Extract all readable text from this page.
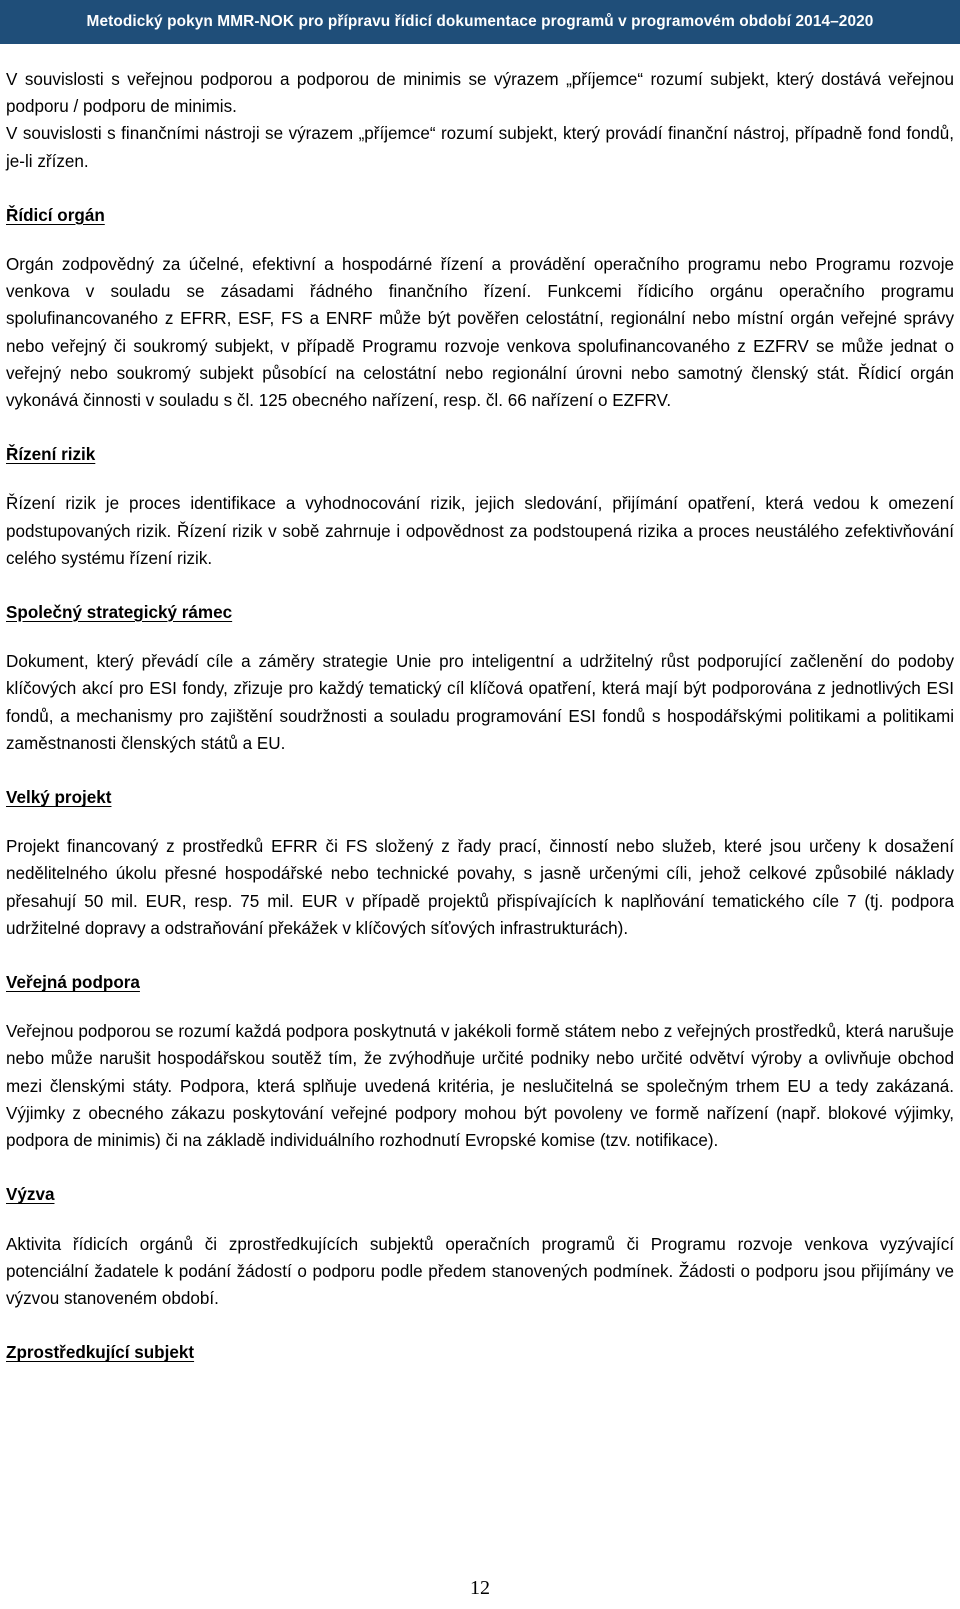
Metodický pokyn MMR-NOK pro přípravu řídicí dokumentace programů v programovém období 2014–2020

V souvislosti s veřejnou podporou a podporou de minimis se výrazem „příjemce“ rozumí subjekt, který dostává veřejnou podporu / podporu de minimis.

V souvislosti s finančními nástroji se výrazem „příjemce“ rozumí subjekt, který provádí finanční nástroj, případně fond fondů, je-li zřízen.

Řídicí orgán

Orgán zodpovědný za účelné, efektivní a hospodárné řízení a provádění operačního programu nebo Programu rozvoje venkova v souladu se zásadami řádného finančního řízení. Funkcemi řídicího orgánu operačního programu spolufinancovaného z EFRR, ESF, FS a ENRF může být pověřen celostátní, regionální nebo místní orgán veřejné správy nebo veřejný či soukromý subjekt, v případě Programu rozvoje venkova spolufinancovaného z EZFRV se může jednat o veřejný nebo soukromý subjekt působící na celostátní nebo regionální úrovni nebo samotný členský stát. Řídicí orgán vykonává činnosti v souladu s čl. 125 obecného nařízení, resp. čl. 66 nařízení o EZFRV.

Řízení rizik

Řízení rizik je proces identifikace a vyhodnocování rizik, jejich sledování, přijímání opatření, která vedou k omezení podstupovaných rizik. Řízení rizik v sobě zahrnuje i odpovědnost za podstoupená rizika a proces neustálého zefektivňování celého systému řízení rizik.

Společný strategický rámec

Dokument, který převádí cíle a záměry strategie Unie pro inteligentní a udržitelný růst podporující začlenění do podoby klíčových akcí pro ESI fondy, zřizuje pro každý tematický cíl klíčová opatření, která mají být podporována z jednotlivých ESI fondů, a mechanismy pro zajištění soudržnosti a souladu programování ESI fondů s hospodářskými politikami a politikami zaměstnanosti členských států a EU.

Velký projekt

Projekt financovaný z prostředků EFRR či FS složený z řady prací, činností nebo služeb, které jsou určeny k dosažení nedělitelného úkolu přesné hospodářské nebo technické povahy, s jasně určenými cíli, jehož celkové způsobilé náklady přesahují 50 mil. EUR, resp. 75 mil. EUR v případě projektů přispívajících k naplňování tematického cíle 7 (tj. podpora udržitelné dopravy a odstraňování překážek v klíčových síťových infrastrukturách).

Veřejná podpora

Veřejnou podporou se rozumí každá podpora poskytnutá v jakékoli formě státem nebo z veřejných prostředků, která narušuje nebo může narušit hospodářskou soutěž tím, že zvýhodňuje určité podniky nebo určité odvětví výroby a ovlivňuje obchod mezi členskými státy. Podpora, která splňuje uvedená kritéria, je neslučitelná se společným trhem EU a tedy zakázaná. Výjimky z obecného zákazu poskytování veřejné podpory mohou být povoleny ve formě nařízení (např. blokové výjimky, podpora de minimis) či na základě individuálního rozhodnutí Evropské komise (tzv. notifikace).

Výzva

Aktivita řídicích orgánů či zprostředkujících subjektů operačních programů či Programu rozvoje venkova vyzývající potenciální žadatele k podání žádostí o podporu podle předem stanovených podmínek. Žádosti o podporu jsou přijímány ve výzvou stanoveném období.

Zprostředkující subjekt
12
